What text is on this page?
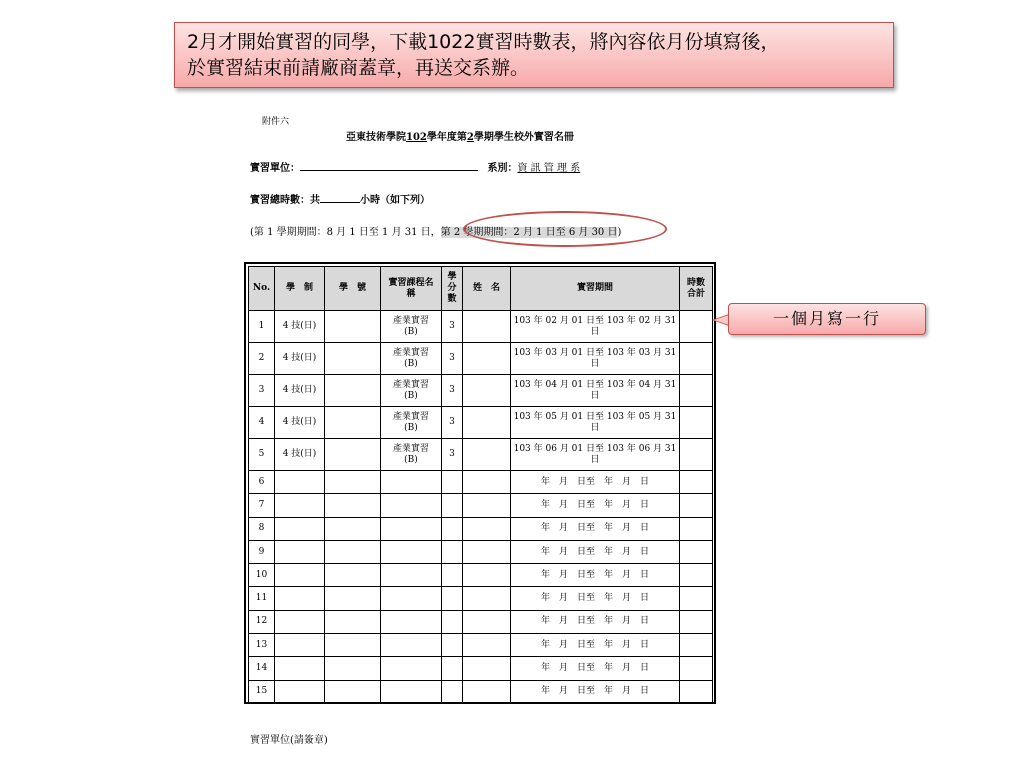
2月才開始實習的同學，下載1022實習時數表，將內容依月份填寫後，
於實習結束前請廠商蓋章，再送交系辦。
附件六
亞東技術學院102學年度第2學期學生校外實習名冊
實習單位：	系別：資 訊 管 理 系
實習總時數：共	小時（如下列）
(第 1 學期期間：8 月 1 日至 1 月 31 日，第 2 學期期間：2 月 1 日至 6 月 30 日)
No.	學　制	學　號	實習課程名稱	學分數	姓　名	實習期間	時數合計
1	4 技(日)		產業實習(B)	3		103 年 02 月 01 日至 103 年 02 月 31 日	
2	4 技(日)		產業實習(B)	3		103 年 03 月 01 日至 103 年 03 月 31 日	
3	4 技(日)		產業實習(B)	3		103 年 04 月 01 日至 103 年 04 月 31 日	
4	4 技(日)		產業實習(B)	3		103 年 05 月 01 日至 103 年 05 月 31 日	
5	4 技(日)		產業實習(B)	3		103 年 06 月 01 日至 103 年 06 月 31 日	
6						年　月　日至　年　月　日	
7						年　月　日至　年　月　日	
8						年　月　日至　年　月　日	
9						年　月　日至　年　月　日	
10						年　月　日至　年　月　日	
11						年　月　日至　年　月　日	
12						年　月　日至　年　月　日	
13						年　月　日至　年　月　日	
14						年　月　日至　年　月　日	
15						年　月　日至　年　月　日	
一個月寫一行
實習單位(請簽章)
